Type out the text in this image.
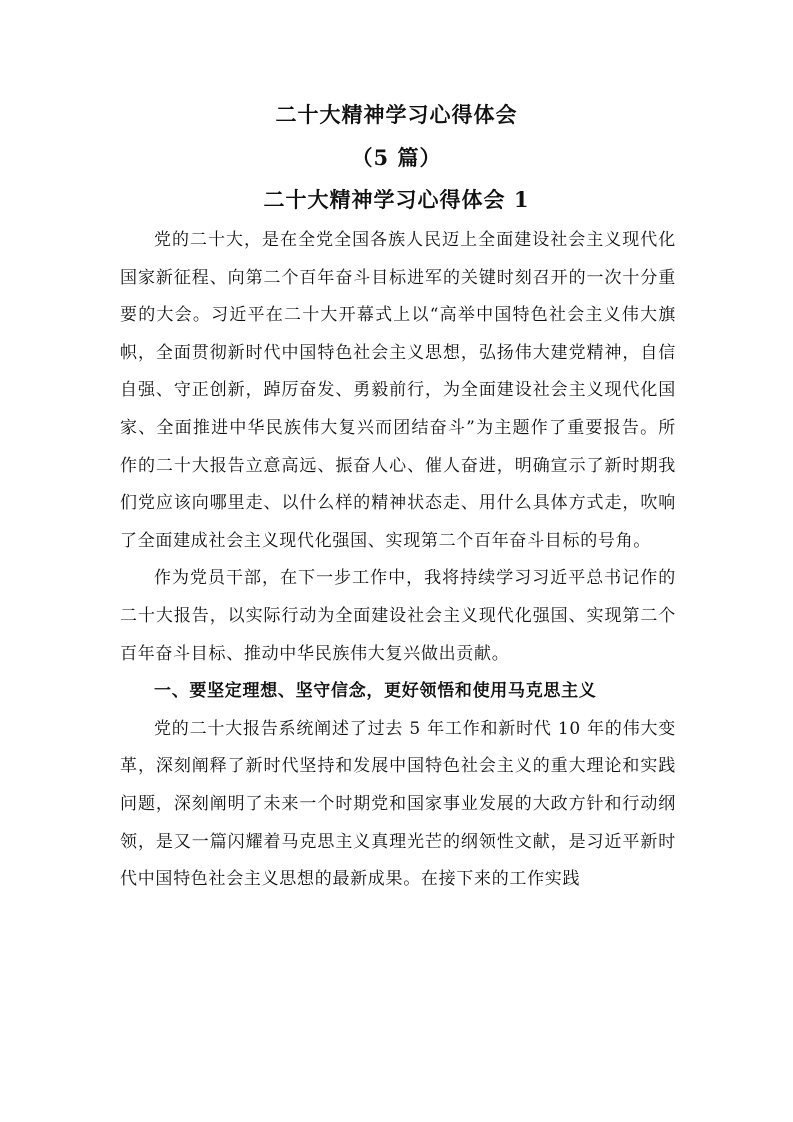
二十大精神学习心得体会
（5 篇）
二十大精神学习心得体会 1

党的二十大，是在全党全国各族人民迈上全面建设社会主义现代化国家新征程、向第二个百年奋斗目标进军的关键时刻召开的一次十分重要的大会。习近平在二十大开幕式上以“高举中国特色社会主义伟大旗帜，全面贯彻新时代中国特色社会主义思想，弘扬伟大建党精神，自信自强、守正创新，踔厉奋发、勇毅前行，为全面建设社会主义现代化国家、全面推进中华民族伟大复兴而团结奋斗”为主题作了重要报告。所作的二十大报告立意高远、振奋人心、催人奋进，明确宣示了新时期我们党应该向哪里走、以什么样的精神状态走、用什么具体方式走，吹响了全面建成社会主义现代化强国、实现第二个百年奋斗目标的号角。

作为党员干部，在下一步工作中，我将持续学习习近平总书记作的二十大报告，以实际行动为全面建设社会主义现代化强国、实现第二个百年奋斗目标、推动中华民族伟大复兴做出贡献。

一、要坚定理想、坚守信念，更好领悟和使用马克思主义

党的二十大报告系统阐述了过去 5 年工作和新时代 10 年的伟大变革，深刻阐释了新时代坚持和发展中国特色社会主义的重大理论和实践问题，深刻阐明了未来一个时期党和国家事业发展的大政方针和行动纲领，是又一篇闪耀着马克思主义真理光芒的纲领性文献，是习近平新时代中国特色社会主义思想的最新成果。在接下来的工作实践
